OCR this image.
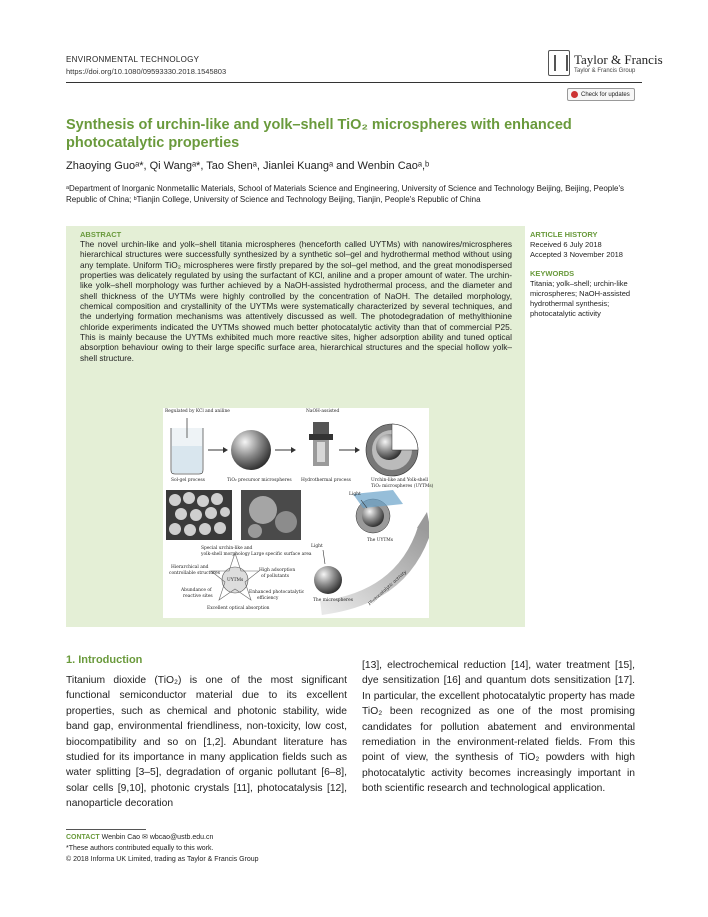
ENVIRONMENTAL TECHNOLOGY
https://doi.org/10.1080/09593330.2018.1545803
Taylor & Francis
Taylor & Francis Group
Check for updates
Synthesis of urchin-like and yolk–shell TiO₂ microspheres with enhanced photocatalytic properties
Zhaoying Guoᵃ*, Qi Wangᵃ*, Tao Shenᵃ, Jianlei Kuangᵃ and Wenbin Caoᵃ,ᵇ
ᵃDepartment of Inorganic Nonmetallic Materials, School of Materials Science and Engineering, University of Science and Technology Beijing, Beijing, People's Republic of China; ᵇTianjin College, University of Science and Technology Beijing, Tianjin, People's Republic of China
ABSTRACT
The novel urchin-like and yolk–shell titania microspheres (henceforth called UYTMs) with nanowires/microspheres hierarchical structures were successfully synthesized by a synthetic sol–gel and hydrothermal method without using any template. Uniform TiO₂ microspheres were firstly prepared by the sol–gel method, and the great monodispersed properties was delicately regulated by using the surfactant of KCl, aniline and a proper amount of water. The urchin-like yolk–shell morphology was further achieved by a NaOH-assisted hydrothermal process, and the diameter and shell thickness of the UYTMs were highly controlled by the concentration of NaOH. The detailed morphology, chemical composition and crystallinity of the UYTMs were systematically characterized by several techniques, and the underlying formation mechanisms was attentively discussed as well. The photodegradation of methylthionine chloride experiments indicated the UYTMs showed much better photocatalytic activity than that of commercial P25. This is mainly because the UYTMs exhibited much more reactive sites, higher adsorption ability and tuned optical absorption behaviour owing to their large specific surface area, hierarchical structures and the special hollow yolk–shell structure.
ARTICLE HISTORY
Received 6 July 2018
Accepted 3 November 2018
KEYWORDS
Titania; yolk–shell; urchin-like microspheres; NaOH-assisted hydrothermal synthesis; photocatalytic activity
Regulated by KCl and aniline	NaOH-assisted
Sol-gel process	TiO₂ precursor microspheres Hydrothermal process	Urchin-like and Yolk-shell
TiO₂ microspheres (UYTMs)
Special urchin-like and
yolk-shell morphology Large specific surface area
Hierarchical and
controllable structures
High adsorption
of pollutants
UYTMs
Abundance of
reactive sites
Enhanced photocatalytic
efficiency
Excellent optical absorption
Light
Light
The UYTMs
The microspheres	Photocatalytic activity
1. Introduction
Titanium dioxide (TiO₂) is one of the most significant functional semiconductor material due to its excellent properties, such as chemical and photonic stability, wide band gap, environmental friendliness, non-toxicity, low cost, biocompatibility and so on [1,2]. Abundant literature has studied for its importance in many application fields such as water splitting [3–5], degradation of organic pollutant [6–8], solar cells [9,10], photonic crystals [11], photocatalysis [12], nanoparticle decoration
[13], electrochemical reduction [14], water treatment [15], dye sensitization [16] and quantum dots sensitization [17]. In particular, the excellent photocatalytic property has made TiO₂ been recognized as one of the most promising candidates for pollution abatement and environmental remediation in the environment-related fields. From this point of view, the synthesis of TiO₂ powders with high photocatalytic activity becomes increasingly important in both scientific research and technological application.
CONTACT Wenbin Cao ✉ wbcao@ustb.edu.cn
*These authors contributed equally to this work.
© 2018 Informa UK Limited, trading as Taylor & Francis Group
